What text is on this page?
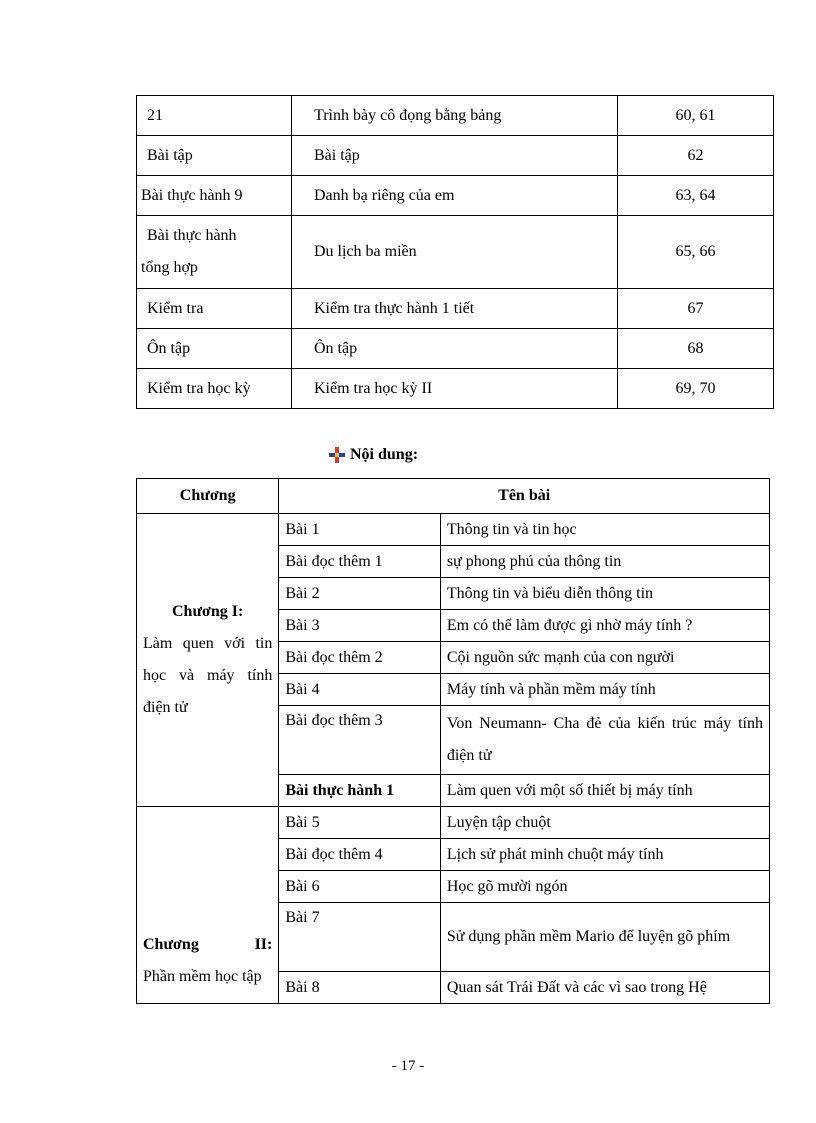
21	Trình bày cô đọng bằng bảng	60, 61
Bài tập	Bài tập	62
Bài thực hành 9	Danh bạ riêng của em	63, 64

Bài thực hành
tổng hợp	Du lịch ba miền	65, 66
Kiểm tra	Kiểm tra thực hành 1 tiết	67
Ôn tập	Ôn tập	68
Kiểm tra học kỳ	Kiểm tra học kỳ II	69, 70
Nội dung:
Chương	Tên bài	

Chương I:
Làm quen với tin học và máy tính điện tử	Bài 1	Thông tin và tin học
	Bài đọc thêm 1	sự phong phú của thông tin
	Bài 2	Thông tin và biểu diễn thông tin
	Bài 3	Em có thể làm được gì nhờ máy tính ?
	Bài đọc thêm 2	Cội nguồn sức mạnh của con người
	Bài 4	Máy tính và phần mềm máy tính
	Bài đọc thêm 3	Von Neumann- Cha đẻ của kiến trúc máy tính điện tử
	Bài thực hành 1	Làm quen với một số thiết bị máy tính

Chương II:
Phần mềm học tập	Bài 5	Luyện tập chuột
	Bài đọc thêm 4	Lịch sử phát minh chuột máy tính
	Bài 6	Học gõ mười ngón
	Bài 7	Sử dụng phần mềm Mario để luyện gõ phím
	Bài 8	Quan sát Trái Đất và các vì sao trong Hệ
- 17 -
